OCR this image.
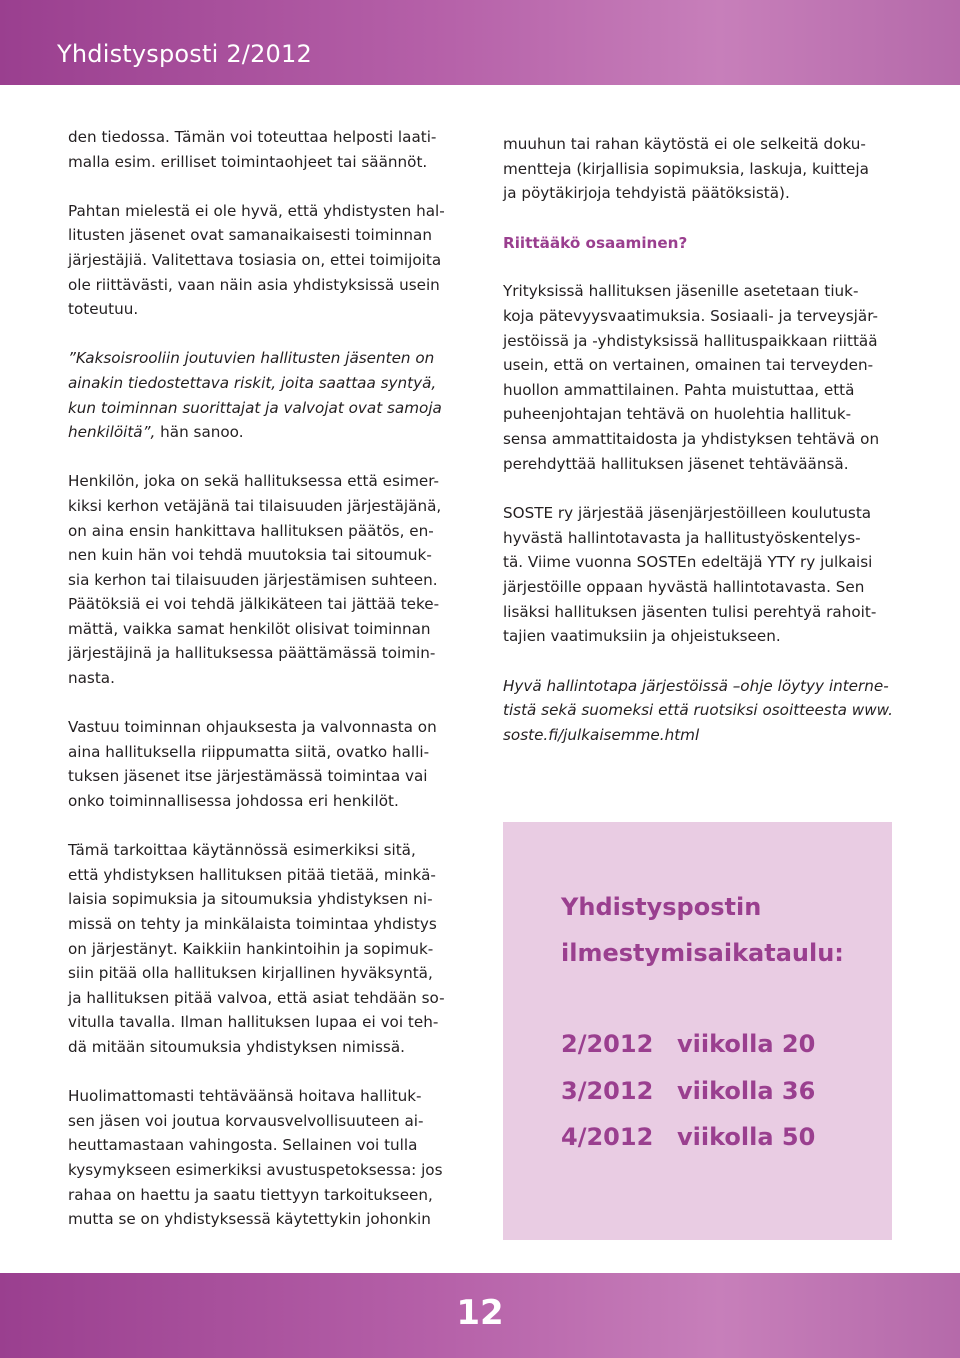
Yhdistysposti 2/2012
den tiedossa. Tämän voi toteuttaa helposti laati-
malla esim. erilliset toimintaohjeet tai säännöt.
Pahtan mielestä ei ole hyvä, että yhdistysten hal-
litusten jäsenet ovat samanaikaisesti toiminnan
järjestäjiä. Valitettava tosiasia on, ettei toimijoita
ole riittävästi, vaan näin asia yhdistyksissä usein
toteutuu.
”Kaksoisrooliin joutuvien hallitusten jäsenten on
ainakin tiedostettava riskit, joita saattaa syntyä,
kun toiminnan suorittajat ja valvojat ovat samoja
henkilöitä”, hän sanoo.
Henkilön, joka on sekä hallituksessa että esimer-
kiksi kerhon vetäjänä tai tilaisuuden järjestäjänä,
on aina ensin hankittava hallituksen päätös, en-
nen kuin hän voi tehdä muutoksia tai sitoumuk-
sia kerhon tai tilaisuuden järjestämisen suhteen.
Päätöksiä ei voi tehdä jälkikäteen tai jättää teke-
mättä, vaikka samat henkilöt olisivat toiminnan
järjestäjinä ja hallituksessa päättämässä toimin-
nasta.
Vastuu toiminnan ohjauksesta ja valvonnasta on
aina hallituksella riippumatta siitä, ovatko halli-
tuksen jäsenet itse järjestämässä toimintaa vai
onko toiminnallisessa johdossa eri henkilöt.
Tämä tarkoittaa käytännössä esimerkiksi sitä,
että yhdistyksen hallituksen pitää tietää, minkä-
laisia sopimuksia ja sitoumuksia yhdistyksen ni-
missä on tehty ja minkälaista toimintaa yhdistys
on järjestänyt. Kaikkiin hankintoihin ja sopimuk-
siin pitää olla hallituksen kirjallinen hyväksyntä,
ja hallituksen pitää valvoa, että asiat tehdään so-
vitulla tavalla. Ilman hallituksen lupaa ei voi teh-
dä mitään sitoumuksia yhdistyksen nimissä.
Huolimattomasti tehtäväänsä hoitava hallituk-
sen jäsen voi joutua korvausvelvollisuuteen ai-
heuttamastaan vahingosta. Sellainen voi tulla
kysymykseen esimerkiksi avustuspetoksessa: jos
rahaa on haettu ja saatu tiettyyn tarkoitukseen,
mutta se on yhdistyksessä käytettykin johonkin

muuhun tai rahan käytöstä ei ole selkeitä doku-
mentteja (kirjallisia sopimuksia, laskuja, kuitteja
ja pöytäkirjoja tehdyistä päätöksistä).

Riittääkö osaaminen?

Yrityksissä hallituksen jäsenille asetetaan tiuk-
koja pätevyysvaatimuksia. Sosiaali- ja terveysjär-
jestöissä ja -yhdistyksissä hallituspaikkaan riittää
usein, että on vertainen, omainen tai terveyden-
huollon ammattilainen. Pahta muistuttaa, että
puheenjohtajan tehtävä on huolehtia hallituk-
sensa ammattitaidosta ja yhdistyksen tehtävä on
perehdyttää hallituksen jäsenet tehtäväänsä.

SOSTE ry järjestää jäsenjärjestöilleen koulutusta
hyvästä hallintotavasta ja hallitustyöskentelys-
tä. Viime vuonna SOSTEn edeltäjä YTY ry julkaisi
järjestöille oppaan hyvästä hallintotavasta. Sen
lisäksi hallituksen jäsenten tulisi perehtyä rahoit-
tajien vaatimuksiin ja ohjeistukseen.

Hyvä hallintotapa järjestöissä –ohje löytyy interne-
tistä sekä suomeksi että ruotsiksi osoitteesta www.
soste.fi/julkaisemme.html

Yhdistyspostin
ilmestymisaikataulu:
2/2012 viikolla 20
3/2012 viikolla 36
4/2012 viikolla 50
12
